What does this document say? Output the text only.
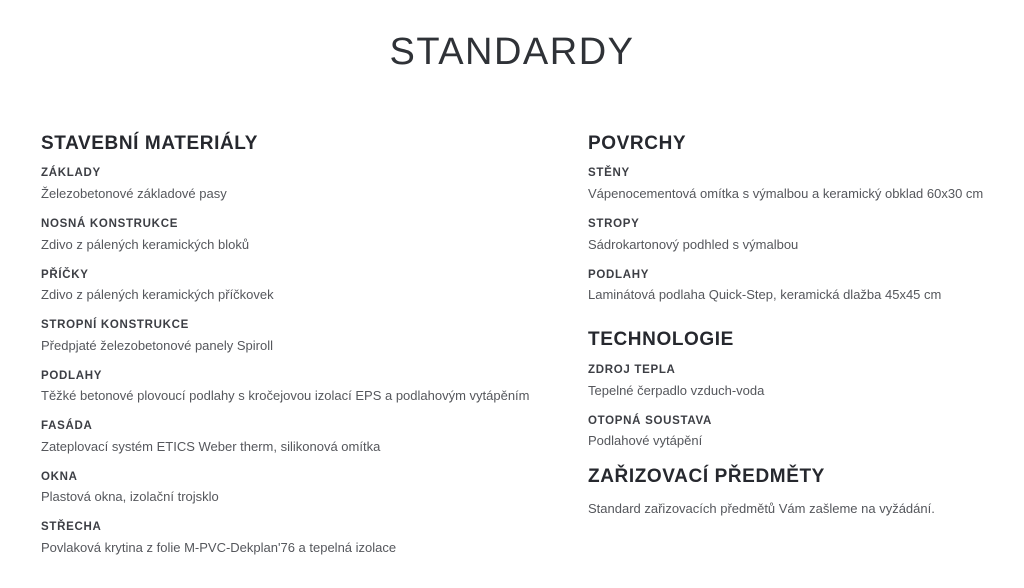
STANDARDY
STAVEBNÍ MATERIÁLY
ZÁKLADY
Železobetonové základové pasy
NOSNÁ KONSTRUKCE
Zdivo z pálených keramických bloků
PŘÍČKY
Zdivo z pálených keramických příčkovek
STROPNÍ KONSTRUKCE
Předpjaté železobetonové panely Spiroll
PODLAHY
Těžké betonové plovoucí podlahy s kročejovou izolací EPS a podlahovým vytápěním
FASÁDA
Zateplovací systém ETICS Weber therm, silikonová omítka
OKNA
Plastová okna, izolační trojsklo
STŘECHA
Povlaková krytina z folie M-PVC-Dekplan'76 a tepelná izolace
POVRCHY
STĚNY
Vápenocementová omítka s výmalbou a keramický obklad 60x30 cm
STROPY
Sádrokartonový podhled s výmalbou
PODLAHY
Laminátová podlaha Quick-Step, keramická dlažba 45x45 cm
TECHNOLOGIE
ZDROJ TEPLA
Tepelné čerpadlo vzduch-voda
OTOPNÁ SOUSTAVA
Podlahové vytápění
ZAŘIZOVACÍ PŘEDMĚTY

Standard zařizovacích předmětů Vám zašleme na vyžádání.
